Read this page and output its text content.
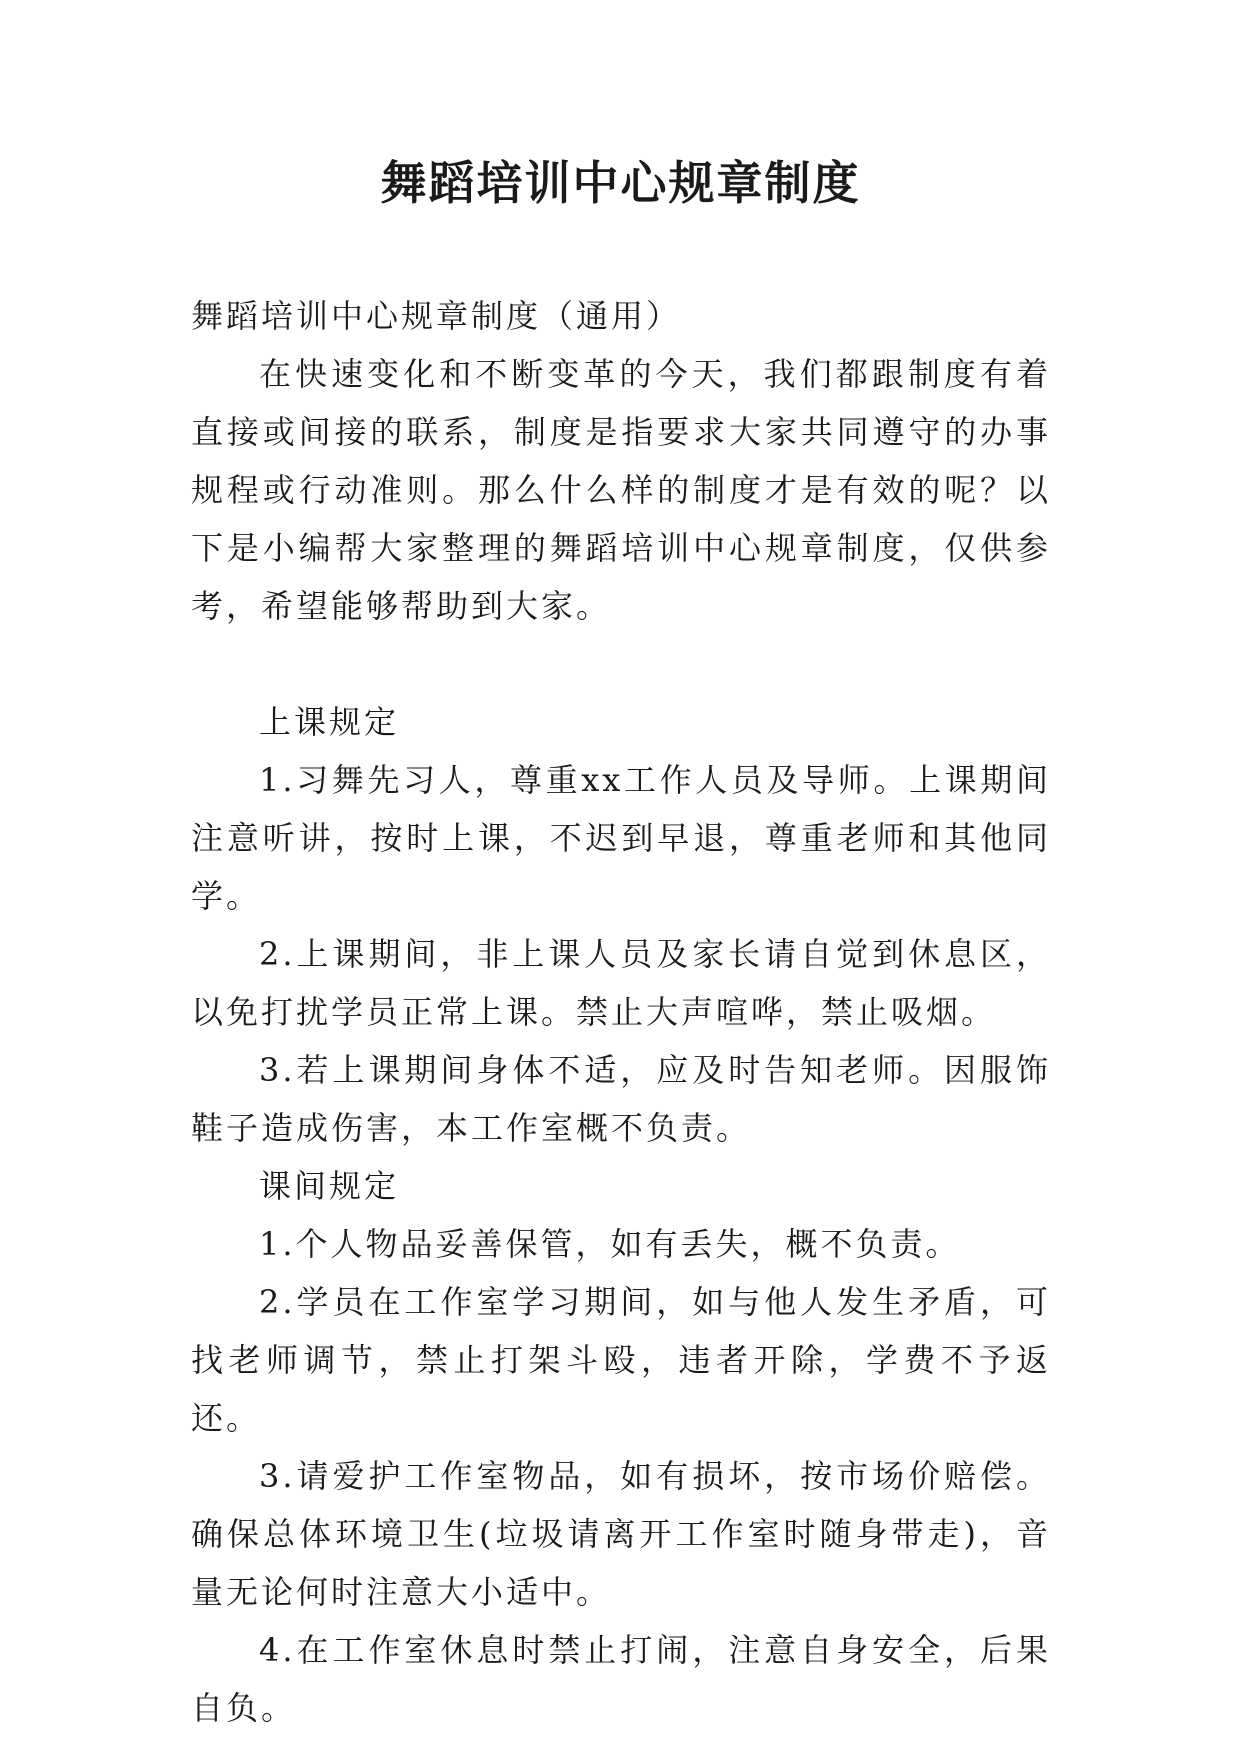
舞蹈培训中心规章制度

舞蹈培训中心规章制度（通用）

在快速变化和不断变革的今天，我们都跟制度有着直接或间接的联系，制度是指要求大家共同遵守的办事规程或行动准则。那么什么样的制度才是有效的呢？以下是小编帮大家整理的舞蹈培训中心规章制度，仅供参考，希望能够帮助到大家。

上课规定

1.习舞先习人，尊重xx工作人员及导师。上课期间注意听讲，按时上课，不迟到早退，尊重老师和其他同学。

2.上课期间，非上课人员及家长请自觉到休息区，以免打扰学员正常上课。禁止大声喧哗，禁止吸烟。

3.若上课期间身体不适，应及时告知老师。因服饰鞋子造成伤害，本工作室概不负责。

课间规定

1.个人物品妥善保管，如有丢失，概不负责。

2.学员在工作室学习期间，如与他人发生矛盾，可找老师调节，禁止打架斗殴，违者开除，学费不予返还。

3.请爱护工作室物品，如有损坏，按市场价赔偿。确保总体环境卫生(垃圾请离开工作室时随身带走)，音量无论何时注意大小适中。

4.在工作室休息时禁止打闹，注意自身安全，后果自负。
